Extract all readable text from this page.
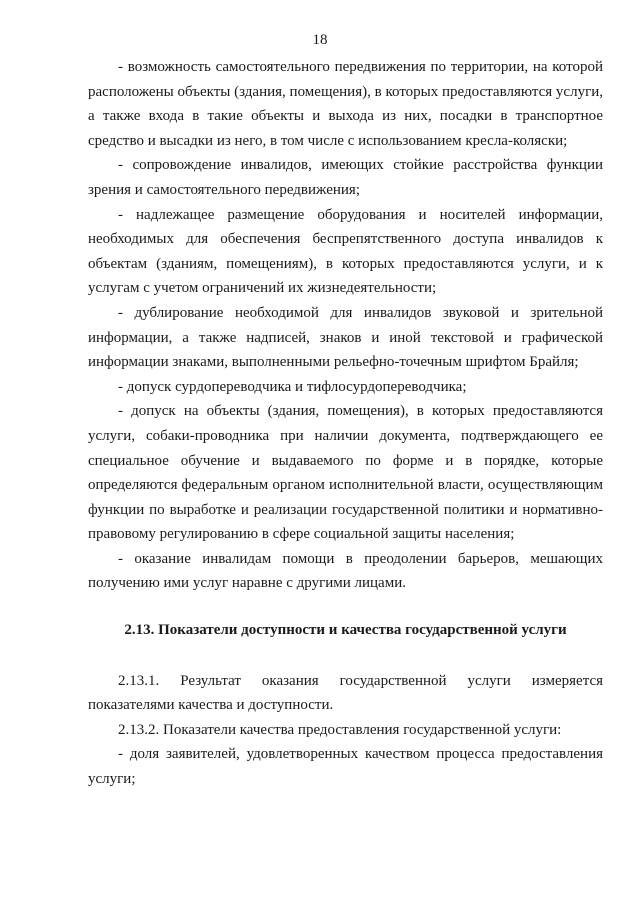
18

- возможность самостоятельного передвижения по территории, на которой расположены объекты (здания, помещения), в которых предоставляются услуги, а также входа в такие объекты и выхода из них, посадки в транспортное средство и высадки из него, в том числе с использованием кресла-коляски;

- сопровождение инвалидов, имеющих стойкие расстройства функции зрения и самостоятельного передвижения;

- надлежащее размещение оборудования и носителей информации, необходимых для обеспечения беспрепятственного доступа инвалидов к объектам (зданиям, помещениям), в которых предоставляются услуги, и к услугам с учетом ограничений их жизнедеятельности;

- дублирование необходимой для инвалидов звуковой и зрительной информации, а также надписей, знаков и иной текстовой и графической информации знаками, выполненными рельефно-точечным шрифтом Брайля;

- допуск сурдопереводчика и тифлосурдопереводчика;

- допуск на объекты (здания, помещения), в которых предоставляются услуги, собаки-проводника при наличии документа, подтверждающего ее специальное обучение и выдаваемого по форме и в порядке, которые определяются федеральным органом исполнительной власти, осуществляющим функции по выработке и реализации государственной политики и нормативно-правовому регулированию в сфере социальной защиты населения;

- оказание инвалидам помощи в преодолении барьеров, мешающих получению ими услуг наравне с другими лицами.

2.13. Показатели доступности и качества государственной услуги

2.13.1. Результат оказания государственной услуги измеряется показателями качества и доступности.

2.13.2. Показатели качества предоставления государственной услуги:

- доля заявителей, удовлетворенных качеством процесса предоставления услуги;
